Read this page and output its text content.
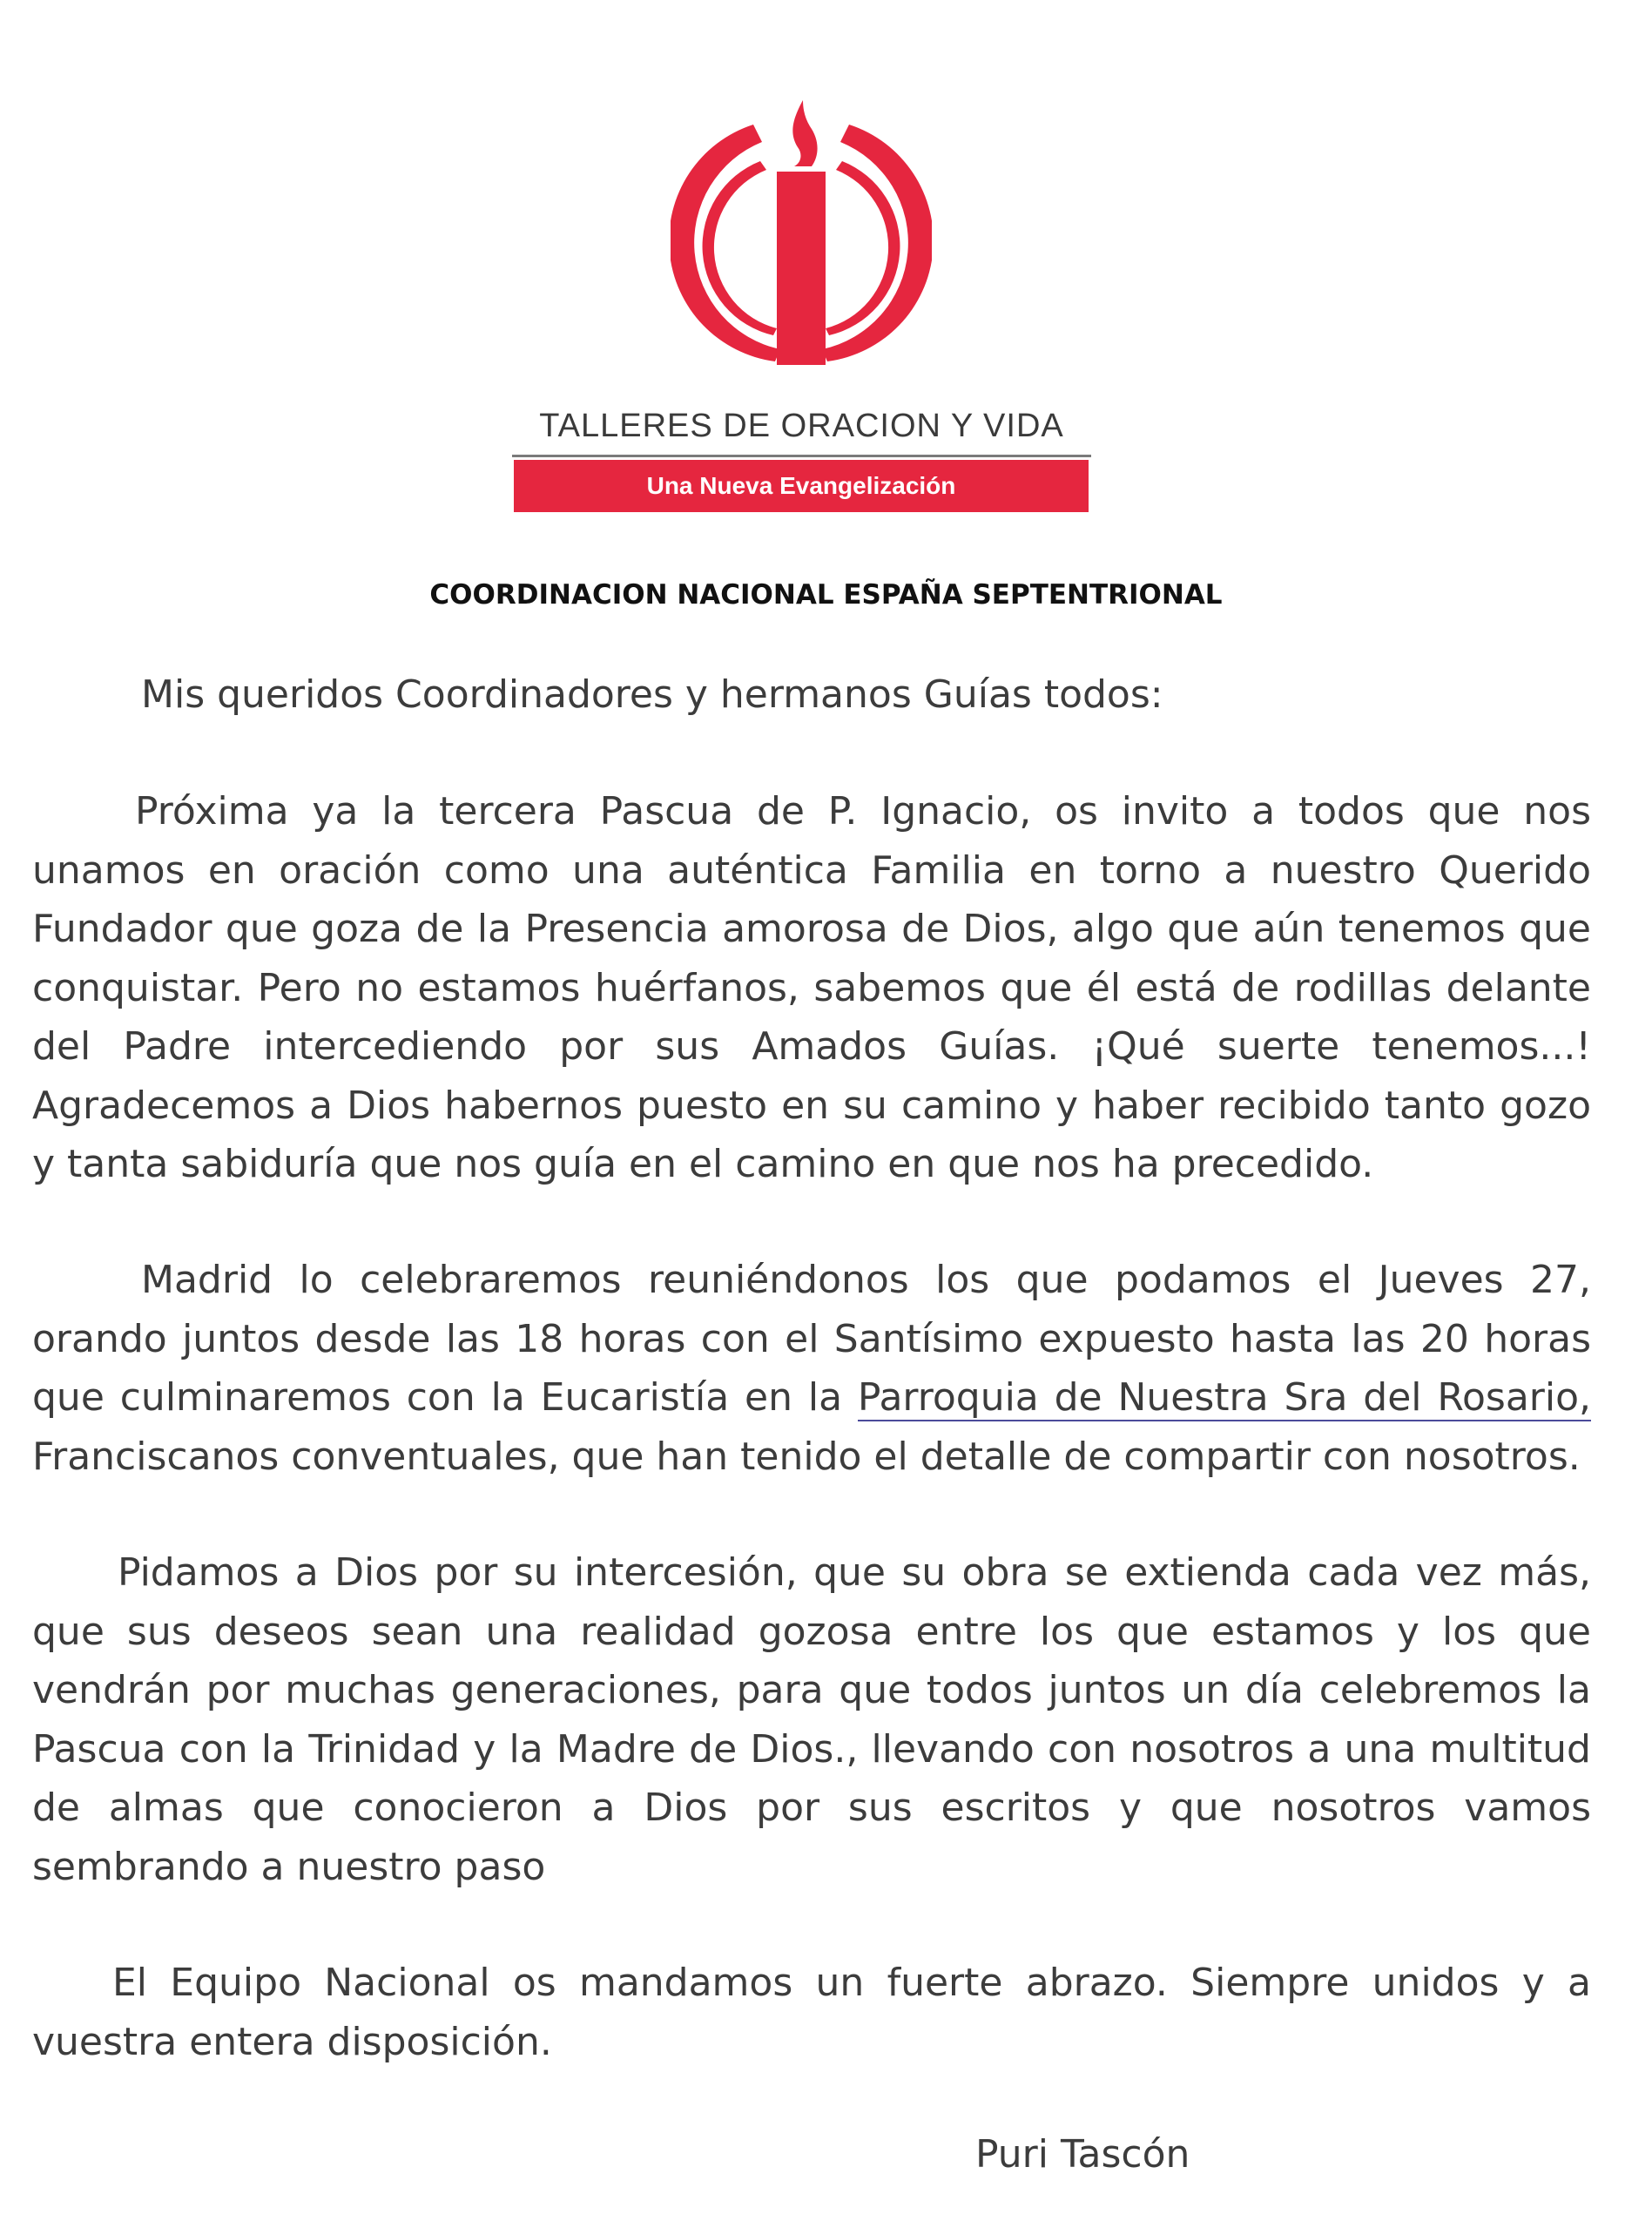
TALLERES DE ORACION Y VIDA
Una Nueva Evangelización
COORDINACION NACIONAL ESPAÑA SEPTENTRIONAL
Mis queridos Coordinadores y hermanos Guías todos:

Próxima ya la tercera Pascua de P. Ignacio, os invito a todos que nos unamos en oración como una auténtica Familia en torno a nuestro Querido Fundador que goza de la Presencia amorosa de Dios, algo que aún tenemos que conquistar. Pero no estamos huérfanos, sabemos que él está de rodillas delante del Padre intercediendo por sus Amados Guías. ¡Qué suerte tenemos...! Agradecemos a Dios habernos puesto en su camino y haber recibido tanto gozo y tanta sabiduría que nos guía en el camino en que nos ha precedido.

Madrid lo celebraremos reuniéndonos los que podamos el Jueves 27, orando juntos desde las 18 horas con el Santísimo expuesto hasta las 20 horas que culminaremos con la Eucaristía en la Parroquia de Nuestra Sra del Rosario, Franciscanos conventuales, que han tenido el detalle de compartir con nosotros.

Pidamos a Dios por su intercesión, que su obra se extienda cada vez más, que sus deseos sean una realidad gozosa entre los que estamos y los que vendrán por muchas generaciones, para que todos juntos un día celebremos la Pascua con la Trinidad y la Madre de Dios., llevando con nosotros a una multitud de almas que conocieron a Dios por sus escritos y que nosotros vamos sembrando a nuestro paso

El Equipo Nacional os mandamos un fuerte abrazo. Siempre unidos y a vuestra entera disposición.

Puri Tascón
